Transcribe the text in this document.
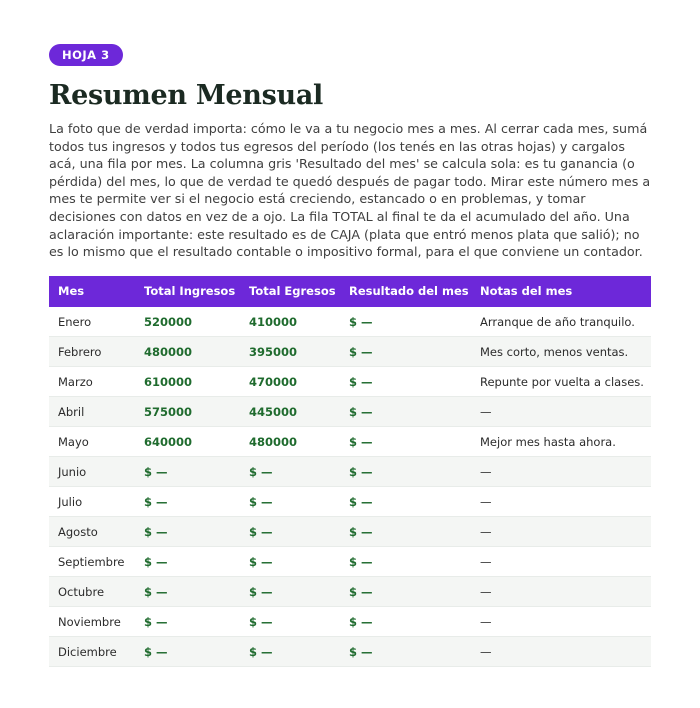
HOJA 3
Resumen Mensual

La foto que de verdad importa: cómo le va a tu negocio mes a mes. Al cerrar cada mes, sumá todos tus ingresos y todos tus egresos del período (los tenés en las otras hojas) y cargalos acá, una fila por mes. La columna gris 'Resultado del mes' se calcula sola: es tu ganancia (o pérdida) del mes, lo que de verdad te quedó después de pagar todo. Mirar este número mes a mes te permite ver si el negocio está creciendo, estancado o en problemas, y tomar decisiones con datos en vez de a ojo. La fila TOTAL al final te da el acumulado del año. Una aclaración importante: este resultado es de CAJA (plata que entró menos plata que salió); no es lo mismo que el resultado contable o impositivo formal, para el que conviene un contador.

Mes	Total Ingresos	Total Egresos	Resultado del mes	Notas del mes
Enero	520000	410000	$ —	Arranque de año tranquilo.
Febrero	480000	395000	$ —	Mes corto, menos ventas.
Marzo	610000	470000	$ —	Repunte por vuelta a clases.
Abril	575000	445000	$ —	—
Mayo	640000	480000	$ —	Mejor mes hasta ahora.
Junio	$ —	$ —	$ —	—
Julio	$ —	$ —	$ —	—
Agosto	$ —	$ —	$ —	—
Septiembre	$ —	$ —	$ —	—
Octubre	$ —	$ —	$ —	—
Noviembre	$ —	$ —	$ —	—
Diciembre	$ —	$ —	$ —	—
